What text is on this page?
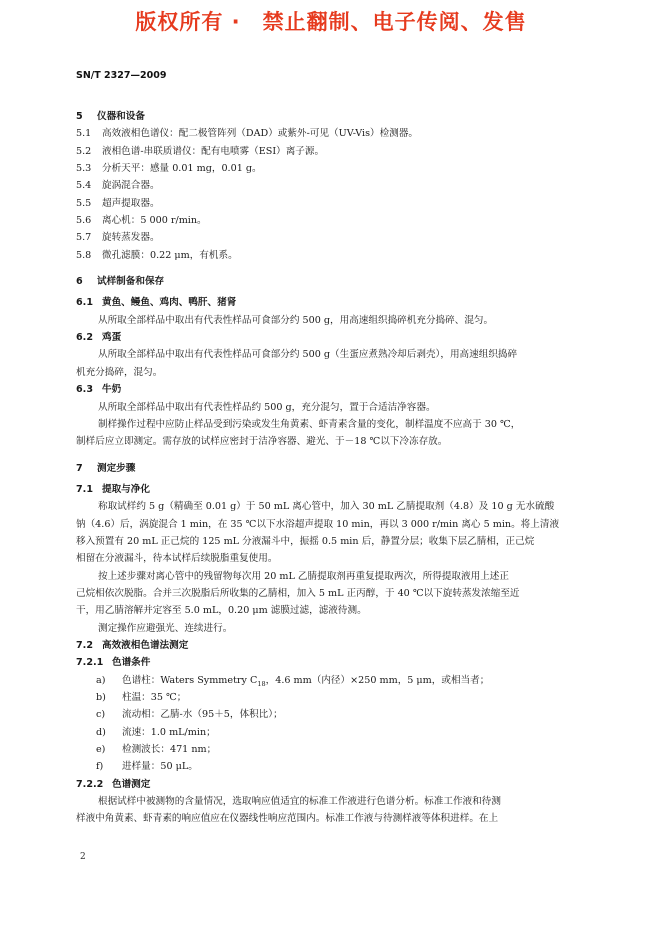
版权所有 ·　禁止翻制、电子传阅、发售
SN/T 2327—2009
5 仪器和设备
5.1 高效液相色谱仪：配二极管阵列（DAD）或紫外-可见（UV-Vis）检测器。
5.2 液相色谱-串联质谱仪：配有电喷雾（ESI）离子源。
5.3 分析天平：感量 0.01 mg，0.01 g。
5.4 旋涡混合器。
5.5 超声提取器。
5.6 离心机：5 000 r/min。
5.7 旋转蒸发器。
5.8 微孔滤膜：0.22 μm，有机系。
6 试样制备和保存
6.1 黄鱼、鳗鱼、鸡肉、鸭肝、猪肾
从所取全部样品中取出有代表性样品可食部分约 500 g，用高速组织捣碎机充分捣碎、混匀。
6.2 鸡蛋
从所取全部样品中取出有代表性样品可食部分约 500 g（生蛋应煮熟冷却后剥壳），用高速组织捣碎
机充分捣碎，混匀。
6.3 牛奶
从所取全部样品中取出有代表性样品约 500 g，充分混匀，置于合适洁净容器。
制样操作过程中应防止样品受到污染或发生角黄素、虾青素含量的变化，制样温度不应高于 30 ℃，
制样后应立即测定。需存放的试样应密封于洁净容器、避光、于－18 ℃以下冷冻存放。
7 测定步骤
7.1 提取与净化
称取试样约 5 g（精确至 0.01 g）于 50 mL 离心管中，加入 30 mL 乙腈提取剂（4.8）及 10 g 无水硫酸
钠（4.6）后，涡旋混合 1 min，在 35 ℃以下水浴超声提取 10 min，再以 3 000 r/min 离心 5 min。将上清液
移入预置有 20 mL 正己烷的 125 mL 分液漏斗中，振摇 0.5 min 后，静置分层；收集下层乙腈相，正己烷
相留在分液漏斗，待本试样后续脱脂重复使用。
按上述步骤对离心管中的残留物每次用 20 mL 乙腈提取剂再重复提取两次，所得提取液用上述正
己烷相依次脱脂。合并三次脱脂后所收集的乙腈相，加入 5 mL 正丙醇，于 40 ℃以下旋转蒸发浓缩至近
干，用乙腈溶解并定容至 5.0 mL，0.20 μm 滤膜过滤，滤液待测。
测定操作应避强光、连续进行。
7.2 高效液相色谱法测定
7.2.1 色谱条件
a) 色谱柱：Waters Symmetry $C_{18}$，4.6 mm（内径）×250 mm，5 μm，或相当者；
b) 柱温：35 ℃；
c) 流动相：乙腈-水（95＋5，体积比）；
d) 流速：1.0 mL/min；
e) 检测波长：471 nm；
f) 进样量：50 μL。
7.2.2 色谱测定
根据试样中被测物的含量情况，选取响应值适宜的标准工作液进行色谱分析。标准工作液和待测
样液中角黄素、虾青素的响应值应在仪器线性响应范围内。标准工作液与待测样液等体积进样。在上
2
